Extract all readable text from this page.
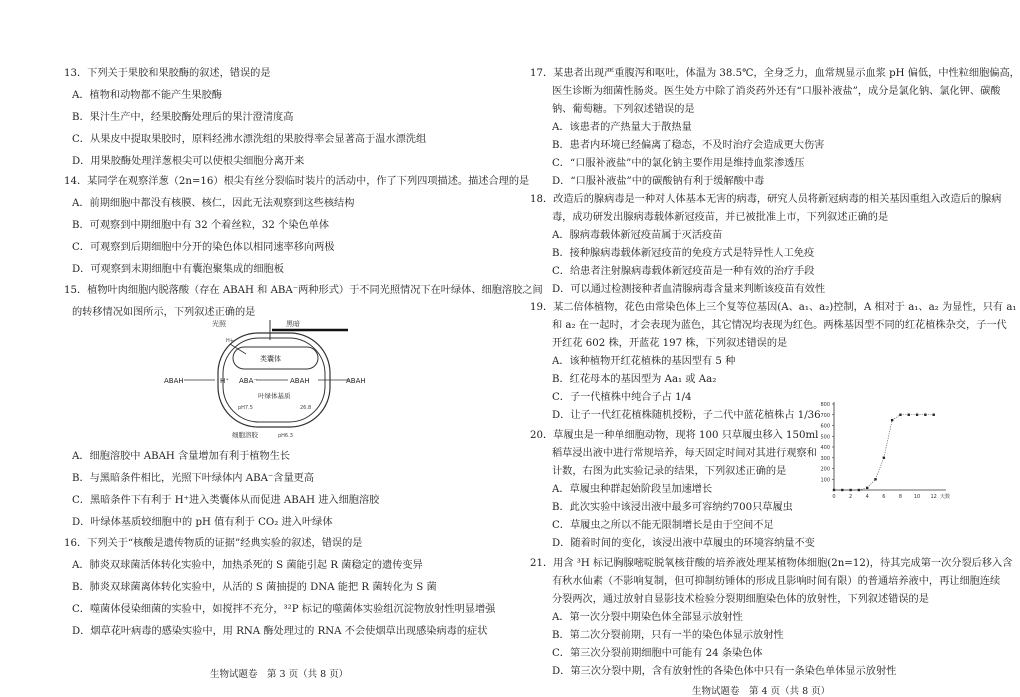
13．下列关于果胶和果胶酶的叙述，错误的是
A．植物和动物都不能产生果胶酶
B．果汁生产中，经果胶酶处理后的果汁澄清度高
C．从果皮中提取果胶时，原料经沸水漂洗组的果胶得率会显著高于温水漂洗组
D．用果胶酶处理洋葱根尖可以使根尖细胞分离开来
14．某同学在观察洋葱（2n=16）根尖有丝分裂临时装片的活动中，作了下列四项描述。描述合理的是
A．前期细胞中都没有核膜、核仁，因此无法观察到这些核结构
B．可观察到中期细胞中有 32 个着丝粒，32 个染色单体
C．可观察到后期细胞中分开的染色体以相同速率移向两极
D．可观察到末期细胞中有囊泡聚集成的细胞板
15．植物叶肉细胞内脱落酸（存在 ABAH 和 ABA⁻两种形式）于不同光照情况下在叶绿体、细胞溶胶之间
的转移情况如图所示，下列叙述正确的是
光照	黑暗
类囊体
H+
ABAH	H⁺ ABA⁻	ABAH	ABAH
叶绿体基质
pH7.5	26.8
细胞溶胶	pH6.3
A．细胞溶胶中 ABAH 含量增加有利于植物生长
B．与黑暗条件相比，光照下叶绿体内 ABA⁻含量更高
C．黑暗条件下有利于 H⁺进入类囊体从而促进 ABAH 进入细胞溶胶
D．叶绿体基质较细胞中的 pH 值有利于 CO₂ 进入叶绿体
16．下列关于“核酸是遗传物质的证据”经典实验的叙述，错误的是
A．肺炎双球菌活体转化实验中，加热杀死的 S 菌能引起 R 菌稳定的遗传变异
B．肺炎双球菌离体转化实验中，从活的 S 菌抽提的 DNA 能把 R 菌转化为 S 菌
C．噬菌体侵染细菌的实验中，如搅拌不充分，³²P 标记的噬菌体实验组沉淀物放射性明显增强
D．烟草花叶病毒的感染实验中，用 RNA 酶处理过的 RNA 不会使烟草出现感染病毒的症状
生物试题卷　第 3 页（共 8 页）
17．某患者出现严重腹泻和呕吐，体温为 38.5℃，全身乏力，血常规显示血浆 pH 偏低，中性粒细胞偏高，
医生诊断为细菌性肠炎。医生处方中除了消炎药外还有“口服补液盐”，成分是氯化钠、氯化钾、碳酸
钠、葡萄糖。下列叙述错误的是
A．该患者的产热量大于散热量
B．患者内环境已经偏离了稳态，不及时治疗会造成更大伤害
C．“口服补液盐”中的氯化钠主要作用是维持血浆渗透压
D．“口服补液盐”中的碳酸钠有利于缓解酸中毒
18．改造后的腺病毒是一种对人体基本无害的病毒，研究人员将新冠病毒的相关基因重组入改造后的腺病
毒，成功研发出腺病毒载体新冠疫苗，并已被批准上市，下列叙述正确的是
A．腺病毒载体新冠疫苗属于灭活疫苗
B．接种腺病毒载体新冠疫苗的免疫方式是特异性人工免疫
C．给患者注射腺病毒载体新冠疫苗是一种有效的治疗手段
D．可以通过检测接种者血清腺病毒含量来判断该疫苗有效性
19．某二倍体植物，花色由常染色体上三个复等位基因(A、a₁、a₂)控制，A 相对于 a₁、a₂ 为显性，只有 a₁
和 a₂ 在一起时，才会表现为蓝色，其它情况均表现为红色。两株基因型不同的红花植株杂交，子一代
开红花 602 株，开蓝花 197 株，下列叙述错误的是
A．该种植物开红花植株的基因型有 5 种
B．红花母本的基因型为 Aa₁ 或 Aa₂
C．子一代植株中纯合子占 1/4
D．让子一代红花植株随机授粉，子二代中蓝花植株占 1/36
20．草履虫是一种单细胞动物，现将 100 只草履虫移入 150ml
稻草浸出液中进行常规培养，每天固定时间对其进行观察和
计数，右图为此实验记录的结果，下列叙述正确的是
A．草履虫种群起始阶段呈加速增长
B．此次实验中该浸出液中最多可容纳约700只草履虫
C．草履虫之所以不能无限制增长是由于空间不足
D．随着时间的变化，该浸出液中草履虫的环境容纳量不变
100
200
300
400
500
600
700
800
0	2	4	6	8 10 12 天数
21．用含 ³H 标记胸腺嘧啶脱氧核苷酸的培养液处理某植物体细胞(2n=12)，待其完成第一次分裂后移入含
有秋水仙素（不影响复制，但可抑制纺锤体的形成且影响时间有限）的普通培养液中，再让细胞连续
分裂两次，通过放射自显影技术检验分裂期细胞染色体的放射性，下列叙述错误的是
A．第一次分裂中期染色体全部显示放射性
B．第二次分裂前期，只有一半的染色体显示放射性
C．第三次分裂前期细胞中可能有 24 条染色体
D．第三次分裂中期，含有放射性的各染色体中只有一条染色单体显示放射性
生物试题卷　第 4 页（共 8 页）
